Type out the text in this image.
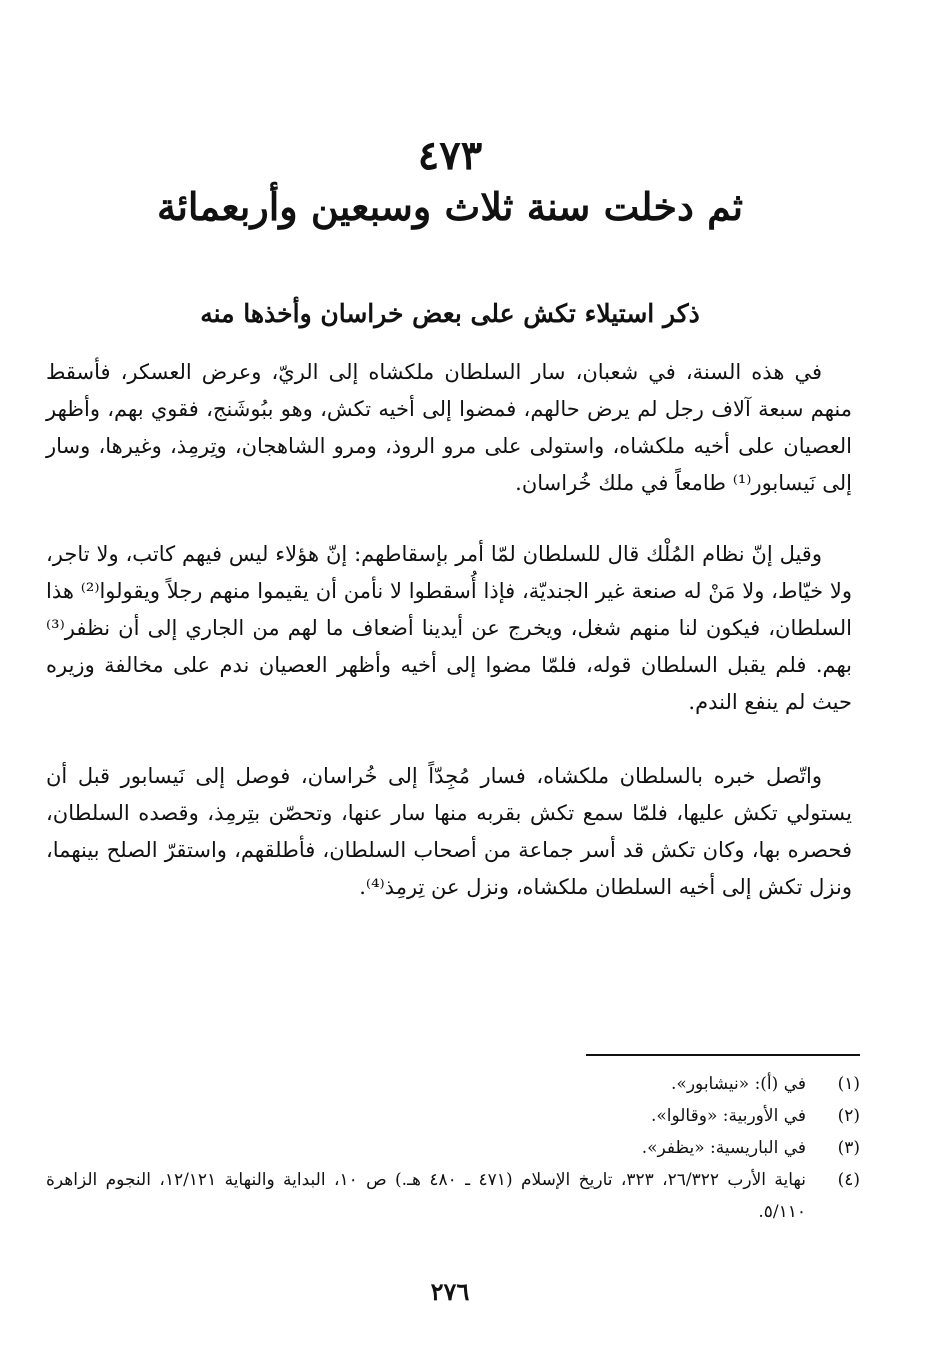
٤٧٣
ثم دخلت سنة ثلاث وسبعين وأربعمائة
ذكر استيلاء تكش على بعض خراسان وأخذها منه

في هذه السنة، في شعبان، سار السلطان ملكشاه إلى الريّ، وعرض العسكر، فأسقط منهم سبعة آلاف رجل لم يرض حالهم، فمضوا إلى أخيه تكش، وهو ببُوشَنج، فقوي بهم، وأظهر العصيان على أخيه ملكشاه، واستولى على مرو الروذ، ومرو الشاهجان، وتِرمِذ، وغيرها، وسار إلى نَيسابور⁽¹⁾ طامعاً في ملك خُراسان.

وقيل إنّ نظام المُلْك قال للسلطان لمّا أمر بإسقاطهم: إنّ هؤلاء ليس فيهم كاتب، ولا تاجر، ولا خيّاط، ولا مَنْ له صنعة غير الجنديّة، فإذا أُسقطوا لا نأمن أن يقيموا منهم رجلاً ويقولوا⁽²⁾ هذا السلطان، فيكون لنا منهم شغل، ويخرج عن أيدينا أضعاف ما لهم من الجاري إلى أن نظفر⁽³⁾ بهم. فلم يقبل السلطان قوله، فلمّا مضوا إلى أخيه وأظهر العصيان ندم على مخالفة وزيره حيث لم ينفع الندم.

واتّصل خبره بالسلطان ملكشاه، فسار مُجِدّاً إلى خُراسان، فوصل إلى نَيسابور قبل أن يستولي تكش عليها، فلمّا سمع تكش بقربه منها سار عنها، وتحصّن بتِرمِذ، وقصده السلطان، فحصره بها، وكان تكش قد أسر جماعة من أصحاب السلطان، فأطلقهم، واستقرّ الصلح بينهما، ونزل تكش إلى أخيه السلطان ملكشاه، ونزل عن تِرمِذ⁽⁴⁾.

(١)
في (أ): «نيشابور».
(٢)
في الأوربية: «وقالوا».
(٣)
في الباريسية: «يظفر».
(٤)
نهاية الأرب ٢٦/٣٢٢، ٣٢٣، تاريخ الإسلام (٤٧١ ـ ٤٨٠ هـ.) ص ١٠، البداية والنهاية ١٢/١٢١، النجوم الزاهرة ٥/١١٠.
٢٧٦
